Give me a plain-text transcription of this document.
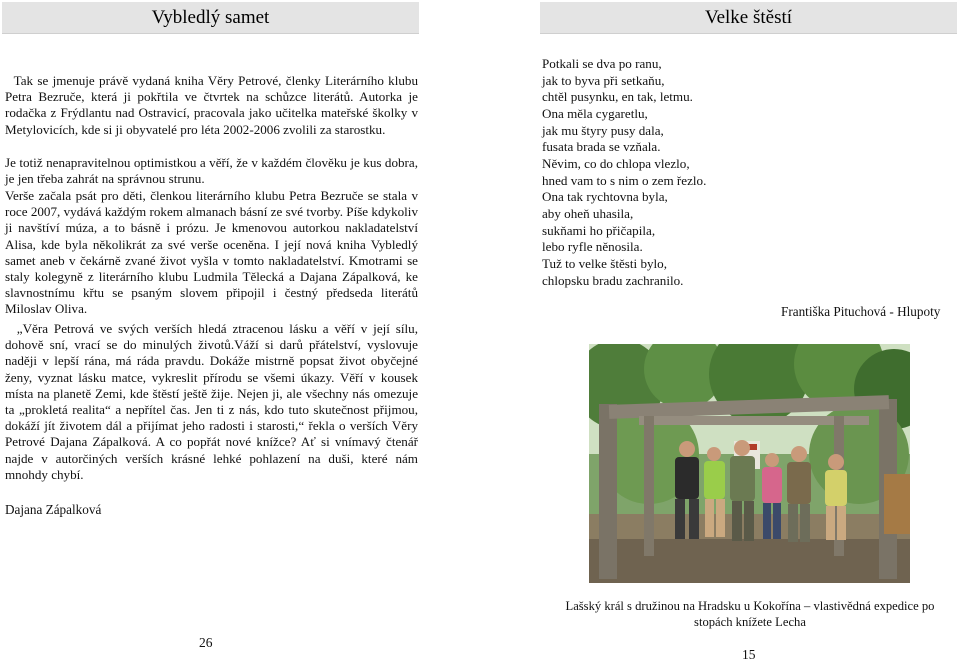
Vybledlý samet	Velke štěstí

Tak se jmenuje právě vydaná kniha Věry Petrové, členky Literárního klubu Petra Bezruče, která ji pokřtila ve čtvrtek na schůzce literátů. Autorka je rodačka z Frýdlantu nad Ostravicí, pracovala jako učitelka mateřské školky v Metylovicích, kde si ji obyvatelé pro léta 2002-2006 zvolili za starostku.

Je totiž nenapravitelnou optimistkou a věří, že v každém člověku je kus dobra, je jen třeba zahrát na správnou strunu.

Verše začala psát pro děti, členkou literárního klubu Petra Bezruče se stala v roce 2007, vydává každým rokem almanach básní ze své tvorby. Píše kdykoliv ji navštíví múza, a to básně i prózu. Je kmenovou autorkou nakladatelství Alisa, kde byla několikrát za své verše oceněna. I její nová kniha Vybledlý samet aneb v čekárně zvané život vyšla v tomto nakladatelství. Kmotrami se staly kolegyně z literárního klubu Ludmila Tělecká a Dajana Zápalková, ke slavnostnímu křtu se psaným slovem připojil i čestný předseda literátů Miloslav Oliva.

„Věra Petrová ve svých verších hledá ztracenou lásku a věří v její sílu, dohově sní, vrací se do minulých životů.Váží si darů přátelství, vyslovuje naději v lepší rána, má ráda pravdu. Dokáže mistrně popsat život obyčejné ženy, vyznat lásku matce, vykreslit přírodu se všemi úkazy. Věří v kousek místa na planetě Zemi, kde štěstí ještě žije. Nejen ji, ale všechny nás omezuje ta „prokletá realita“ a nepřítel čas. Jen ti z nás, kdo tuto skutečnost přijmou, dokáží jít životem dál a přijímat jeho radosti i starosti,“ řekla o verších Věry Petrové Dajana Zápalková. A co popřát nové knížce? Ať si vnímavý čtenář najde v autorčiných verších krásné lehké pohlazení na duši, které nám mnohdy chybí.

Dajana Zápalková
26
Potkali se dva po ranu,
jak to byva při setkaňu,
chtěl pusynku, en tak, letmu.
Ona měla cygaretlu,
jak mu štyry pusy dala,
fusata brada se vzňala.
Něvim, co do chlopa vlezlo,
hned vam to s nim o zem řezlo.
Ona tak rychtovna byla,
aby oheň uhasila,
sukňami ho přičapila,
lebo ryfle něnosila.
Tuž to velke štěsti bylo,
chlopsku bradu zachranilo.
Františka Pituchová - Hlupoty
Lašský král s družinou na Hradsku u Kokořína – vlastivědná expedice po stopách knížete Lecha
15
